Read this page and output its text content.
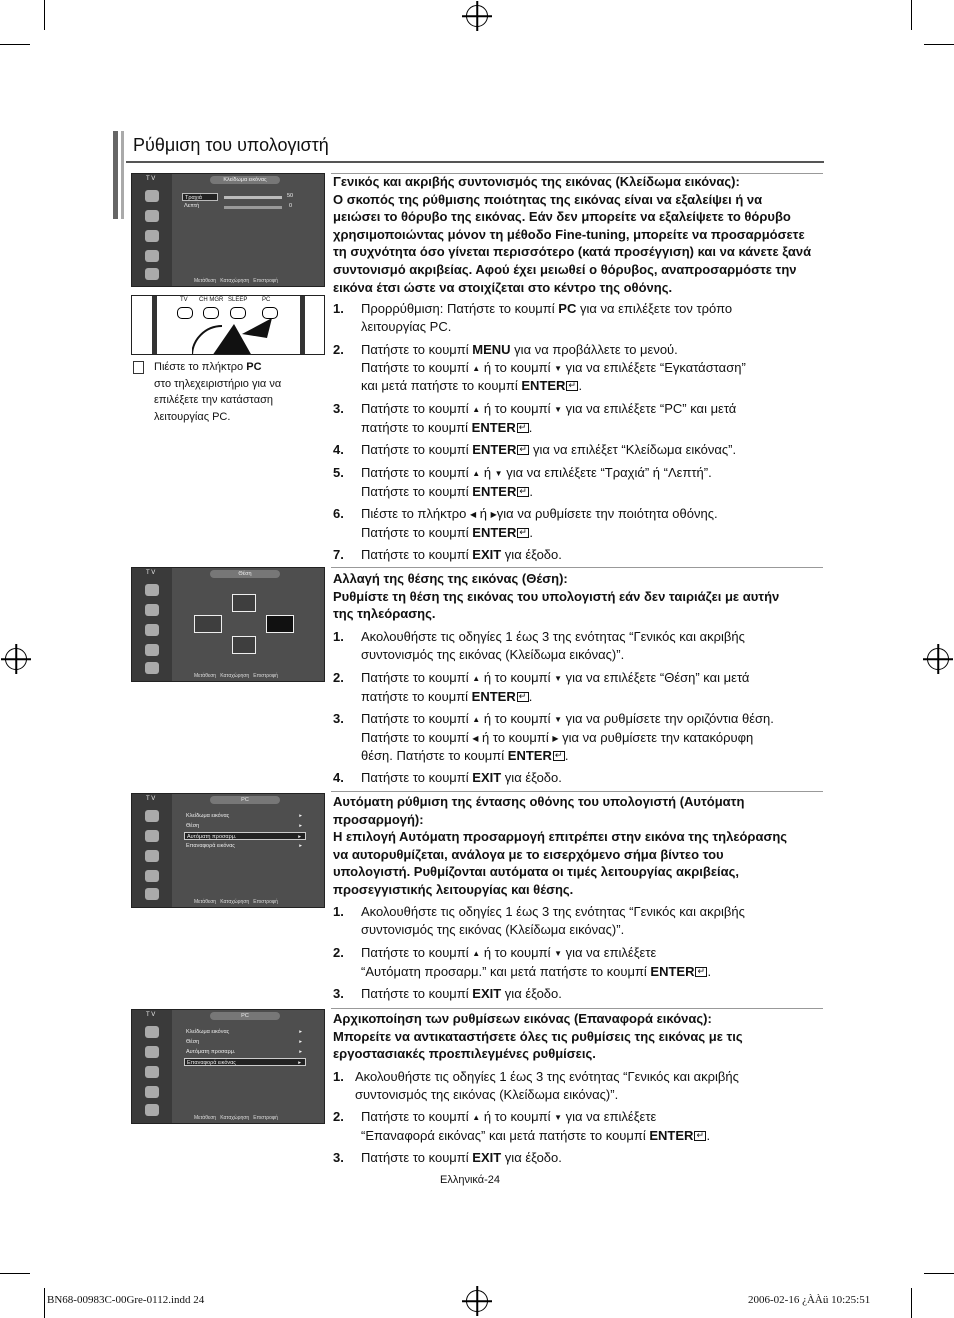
Ρύθμιση του υπολογιστή
T V	Κλείδωμα εικόνας
Τραχιά	50
Λεπτή	0
Μετάθεση Καταχώρηση Επιστροφή
TV CH MGR SLEEP PC
Πιέστε το πλήκτρο PC
στο τηλεχειριστήριο για να
επιλέξετε την κατάσταση
λειτουργίας PC.
Γενικός και ακριβής συντονισμός της εικόνας (Κλείδωμα εικόνας):
Ο σκοπός της ρύθμισης ποιότητας της εικόνας είναι να εξαλείψει ή να
μειώσει το θόρυβο της εικόνας. Εάν δεν μπορείτε να εξαλείψετε το θόρυβο
χρησιμοποιώντας μόνον τη μέθοδο Fine-tuning, μπορείτε να προσαρμόσετε
τη συχνότητα όσο γίνεται περισσότερο (κατά προσέγγιση) και να κάνετε ξανά
συντονισμό ακριβείας. Αφού έχει μειωθεί ο θόρυβος, αναπροσαρμόστε την
εικόνα έτσι ώστε να στοιχίζεται στο κέντρο της οθόνης.
1. Προρρύθμιση: Πατήστε το κουμπί PC για να επιλέξετε τον τρόπο
λειτουργίας PC.
2. Πατήστε το κουμπί MENU για να προβάλλετε το μενού.
Πατήστε το κουμπί ▲ ή το κουμπί ▼ για να επιλέξετε “Εγκατάσταση”
και μετά πατήστε το κουμπί ENTER ↵ .
3. Πατήστε το κουμπί ▲ ή το κουμπί ▼ για να επιλέξετε “PC” και μετά
πατήστε το κουμπί ENTER ↵ .
4. Πατήστε το κουμπί ENTER↵ για να επιλέξετ “Κλείδωμα εικόνας”.
5. Πατήστε το κουμπί ▲ ή ▼ για να επιλέξετε “Τραχιά” ή “Λεπτή”.
Πατήστε το κουμπί ENTER ↵ .
6. Πιέστε το πλήκτρο ◀ ή ▶για να ρυθμίσετε την ποιότητα οθόνης.
Πατήστε το κουμπί ENTER ↵ .
7. Πατήστε το κουμπί EXIT για έξοδο.
T V	Θέση
Μετάθεση Καταχώρηση Επιστροφή
Αλλαγή της θέσης της εικόνας (Θέση):
Ρυθμίστε τη θέση της εικόνας του υπολογιστή εάν δεν ταιριάζει με αυτήν
της τηλεόρασης.
1. Ακολουθήστε τις οδηγίες 1 έως 3 της ενότητας “Γενικός και ακριβής
συντονισμός της εικόνας (Κλείδωμα εικόνας)”.
2. Πατήστε το κουμπί ▲ ή το κουμπί ▼ για να επιλέξετε “Θέση” και μετά
πατήστε το κουμπί ENTER ↵ .
3. Πατήστε το κουμπί ▲ ή το κουμπί ▼ για να ρυθμίσετε την οριζόντια θέση.
Πατήστε το κουμπί ◀ ή το κουμπί ▶ για να ρυθμίσετε την κατακόρυφη
θέση. Πατήστε το κουμπί ENTER ↵ .
4. Πατήστε το κουμπί EXIT για έξοδο.
T V	PC
Κλείδωμα εικόνας	▸
Θέση	▸
Αυτόματη προσαρμ.	▸
Επαναφορά εικόνας	▸
Μετάθεση Καταχώρηση Επιστροφή
Αυτόματη ρύθμιση της έντασης οθόνης του υπολογιστή (Αυτόματη
προσαρμογή):
Η επιλογή Αυτόματη προσαρμογή επιτρέπει στην εικόνα της τηλεόρασης
να αυτορυθμίζεται, ανάλογα με το εισερχόμενο σήμα βίντεο του
υπολογιστή. Ρυθμίζονται αυτόματα οι τιμές λειτουργίας ακριβείας,
προσεγγιστικής λειτουργίας και θέσης.
1. Ακολουθήστε τις οδηγίες 1 έως 3 της ενότητας “Γενικός και ακριβής
συντονισμός της εικόνας (Κλείδωμα εικόνας)”.
2. Πατήστε το κουμπί ▲ ή το κουμπί ▼ για να επιλέξετε
“Αυτόματη προσαρμ.” και μετά πατήστε το κουμπί ENTER ↵ .
3. Πατήστε το κουμπί EXIT για έξοδο.
T V	PC
Κλείδωμα εικόνας	▸
Θέση	▸
Αυτόματη προσαρμ.	▸
Επαναφορά εικόνας	▸
Μετάθεση Καταχώρηση Επιστροφή
Αρχικοποίηση των ρυθμίσεων εικόνας (Επαναφορά εικόνας):
Μπορείτε να αντικαταστήσετε όλες τις ρυθμίσεις της εικόνας με τις
εργοστασιακές προεπιλεγμένες ρυθμίσεις.
1. Ακολουθήστε τις οδηγίες 1 έως 3 της ενότητας “Γενικός και ακριβής
συντονισμός της εικόνας (Κλείδωμα εικόνας)”.
2. Πατήστε το κουμπί ▲ ή το κουμπί ▼ για να επιλέξετε
“Επαναφορά εικόνας” και μετά πατήστε το κουμπί ENTER ↵ .
3. Πατήστε το κουμπί EXIT για έξοδο.
Ελληνικά-24
BN68-00983C-00Gre-0112.indd 24	2006-02-16 ¿ÀÀü 10:25:51
